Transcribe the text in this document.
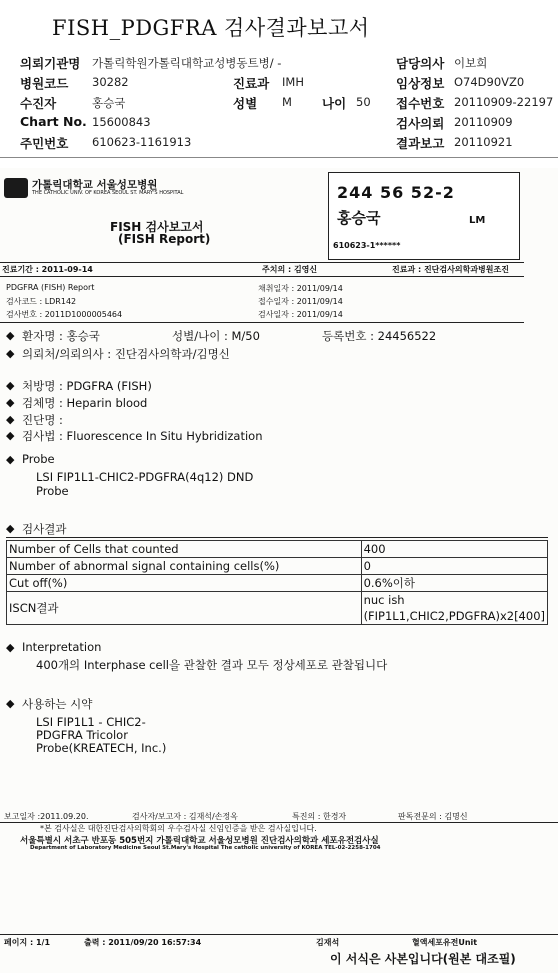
FISH_PDGFRA 검사결과보고서
의뢰기관명 가톨릭학원가톨릭대학교성병동트병/ -
병원코드 30282
수진자	홍승국
Chart No. 15600843
주민번호 610623-1161913
진료과 IMH
성별 M
담당의사 이보희
임상정보 O74D90VZ0
접수번호 20110909-22197
검사의뢰 20110909
결과보고 20110921
나이 50
가톨릭대학교 서울성모병원
THE CATHOLIC UNIV. OF KOREA SEOUL ST. MARY'S HOSPITAL
FISH 검사보고서
(FISH Report)
244 56 52-2
홍승국	LM
610623-1******
진료기간 : 2011-09-14	주치의 : 김영신	진료과 : 진단검사의학과병원조진
PDGFRA (FISH) Report
검사코드 : LDR142
검사번호 : 2011D1000005464
채취일자 : 2011/09/14
접수일자 : 2011/09/14
검사일자 : 2011/09/14
◆ 환자명 : 홍승국	성별/나이 : M/50	등록번호 : 24456522
◆ 의뢰처/의뢰의사 : 진단검사의학과/김명신
◆ 처방명 : PDGFRA (FISH)
◆ 검체명 : Heparin blood
◆ 진단명 :
◆ 검사법 : Fluorescence In Situ Hybridization
◆ Probe
LSI FIP1L1-CHIC2-PDGFRA(4q12) DND
Probe
◆ 검사결과
Number of Cells that counted	400
Number of abnormal signal containing cells(%)	0
Cut off(%)	0.6%이하
ISCN결과	nuc ish (FIP1L1,CHIC2,PDGFRA)x2[400]
◆ Interpretation
400개의 Interphase cell을 관찰한 결과 모두 정상세포로 관찰됩니다
◆ 사용하는 시약
LSI FIP1L1 - CHIC2-
PDGFRA Tricolor
Probe(KREATECH, Inc.)
보고일자 :2011.09.20.	검사자/보고자 : 김재석/손정옥	특진의 : 한경자	판독전문의 : 김명신
*본 검사실은 대한진단검사의학회의 우수검사실 신임인증을 받은 검사실입니다.
서울특별시 서초구 반포동 505번지 가톨릭대학교 서울성모병원 진단검사의학과 세포유전검사실
Department of Laboratory Medicine Seoul St.Mary's Hospital The catholic university of KOREA TEL-02-2258-1704
페이지 : 1/1	출력 : 2011/09/20 16:57:34	김재석	혈액세포유전Unit
이 서식은 사본입니다(원본 대조필)
